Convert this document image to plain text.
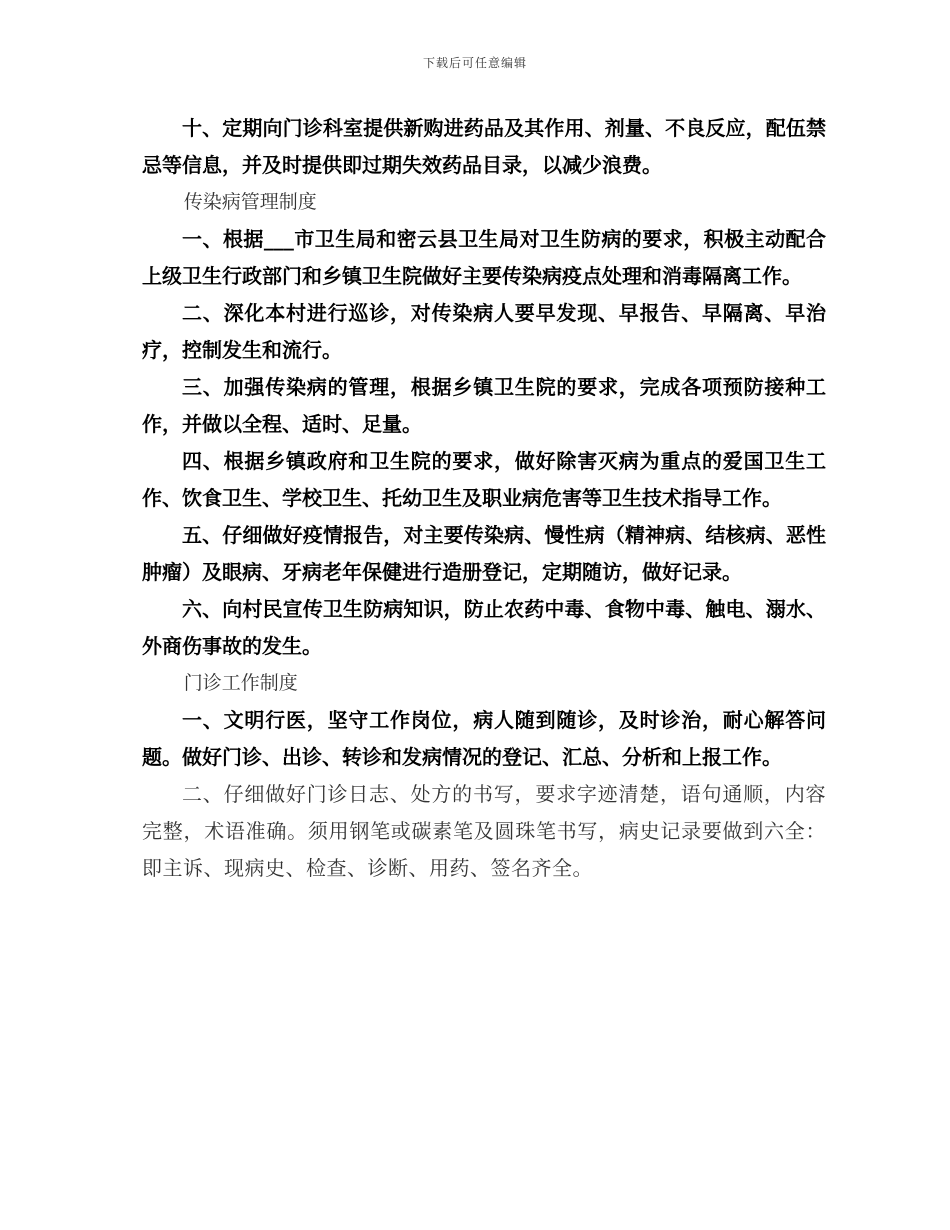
下载后可任意编辑

十、定期向门诊科室提供新购进药品及其作用、剂量、不良反应，配伍禁忌等信息，并及时提供即过期失效药品目录，以减少浪费。

传染病管理制度

一、根据___市卫生局和密云县卫生局对卫生防病的要求，积极主动配合上级卫生行政部门和乡镇卫生院做好主要传染病疫点处理和消毒隔离工作。

二、深化本村进行巡诊，对传染病人要早发现、早报告、早隔离、早治疗，控制发生和流行。

三、加强传染病的管理，根据乡镇卫生院的要求，完成各项预防接种工作，并做以全程、适时、足量。

四、根据乡镇政府和卫生院的要求，做好除害灭病为重点的爱国卫生工作、饮食卫生、学校卫生、托幼卫生及职业病危害等卫生技术指导工作。

五、仔细做好疫情报告，对主要传染病、慢性病（精神病、结核病、恶性肿瘤）及眼病、牙病老年保健进行造册登记，定期随访，做好记录。

六、向村民宣传卫生防病知识，防止农药中毒、食物中毒、触电、溺水、外商伤事故的发生。

门诊工作制度

一、文明行医，坚守工作岗位，病人随到随诊，及时诊治，耐心解答问题。做好门诊、出诊、转诊和发病情况的登记、汇总、分析和上报工作。

二、仔细做好门诊日志、处方的书写，要求字迹清楚，语句通顺，内容完整，术语准确。须用钢笔或碳素笔及圆珠笔书写，病史记录要做到六全：即主诉、现病史、检查、诊断、用药、签名齐全。
